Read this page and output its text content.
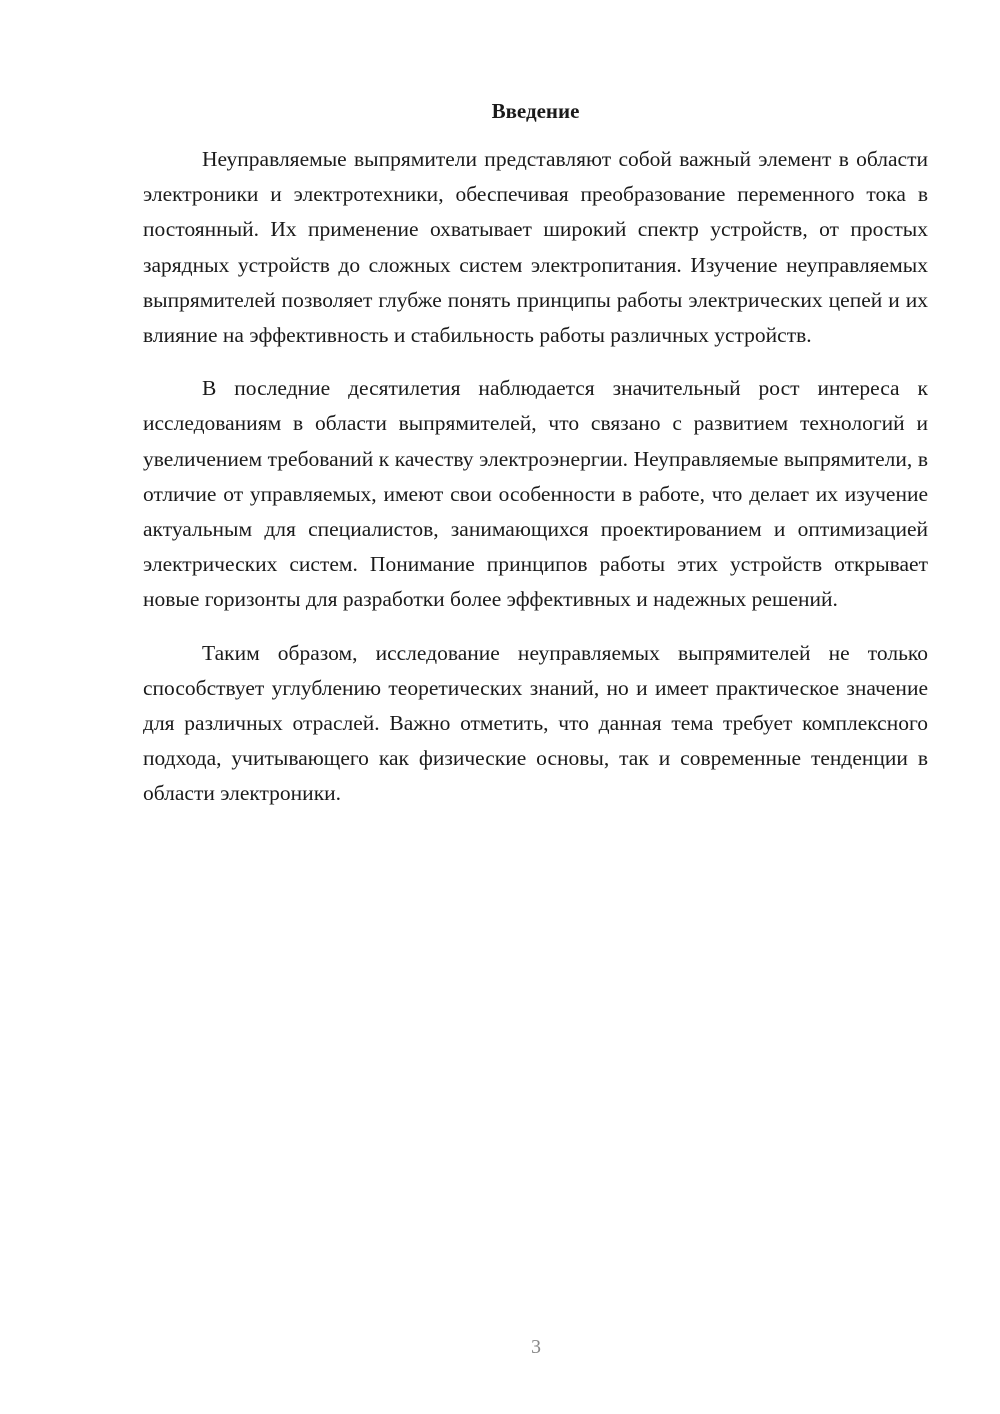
Введение

Неуправляемые выпрямители представляют собой важный элемент в области электроники и электротехники, обеспечивая преобразование переменного тока в постоянный. Их применение охватывает широкий спектр устройств, от простых зарядных устройств до сложных систем электропитания. Изучение неуправляемых выпрямителей позволяет глубже понять принципы работы электрических цепей и их влияние на эффективность и стабильность работы различных устройств.

В последние десятилетия наблюдается значительный рост интереса к исследованиям в области выпрямителей, что связано с развитием технологий и увеличением требований к качеству электроэнергии. Неуправляемые выпрямители, в отличие от управляемых, имеют свои особенности в работе, что делает их изучение актуальным для специалистов, занимающихся проектированием и оптимизацией электрических систем. Понимание принципов работы этих устройств открывает новые горизонты для разработки более эффективных и надежных решений.

Таким образом, исследование неуправляемых выпрямителей не только способствует углублению теоретических знаний, но и имеет практическое значение для различных отраслей. Важно отметить, что данная тема требует комплексного подхода, учитывающего как физические основы, так и современные тенденции в области электроники.

3
